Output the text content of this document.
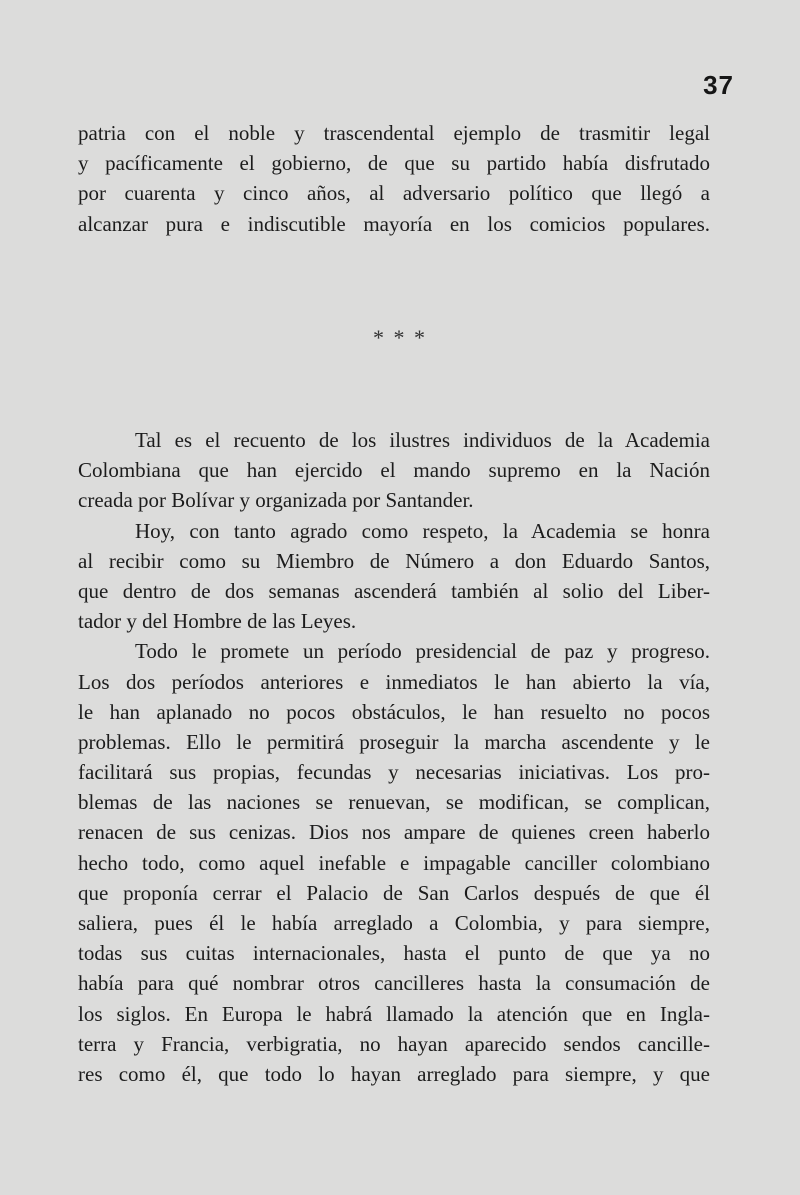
37
patria con el noble y trascendental ejemplo de trasmitir legal
y pacíficamente el gobierno, de que su partido había disfrutado
por cuarenta y cinco años, al adversario político que llegó a
alcanzar pura e indiscutible mayoría en los comicios populares.
* * *
Tal es el recuento de los ilustres individuos de la Academia
Colombiana que han ejercido el mando supremo en la Nación
creada por Bolívar y organizada por Santander.
Hoy, con tanto agrado como respeto, la Academia se honra
al recibir como su Miembro de Número a don Eduardo Santos,
que dentro de dos semanas ascenderá también al solio del Liber-
tador y del Hombre de las Leyes.
Todo le promete un período presidencial de paz y progreso.
Los dos períodos anteriores e inmediatos le han abierto la vía,
le han aplanado no pocos obstáculos, le han resuelto no pocos
problemas. Ello le permitirá proseguir la marcha ascendente y le
facilitará sus propias, fecundas y necesarias iniciativas. Los pro-
blemas de las naciones se renuevan, se modifican, se complican,
renacen de sus cenizas. Dios nos ampare de quienes creen haberlo
hecho todo, como aquel inefable e impagable canciller colombiano
que proponía cerrar el Palacio de San Carlos después de que él
saliera, pues él le había arreglado a Colombia, y para siempre,
todas sus cuitas internacionales, hasta el punto de que ya no
había para qué nombrar otros cancilleres hasta la consumación de
los siglos. En Europa le habrá llamado la atención que en Ingla-
terra y Francia, verbigratia, no hayan aparecido sendos cancille-
res como él, que todo lo hayan arreglado para siempre, y que
